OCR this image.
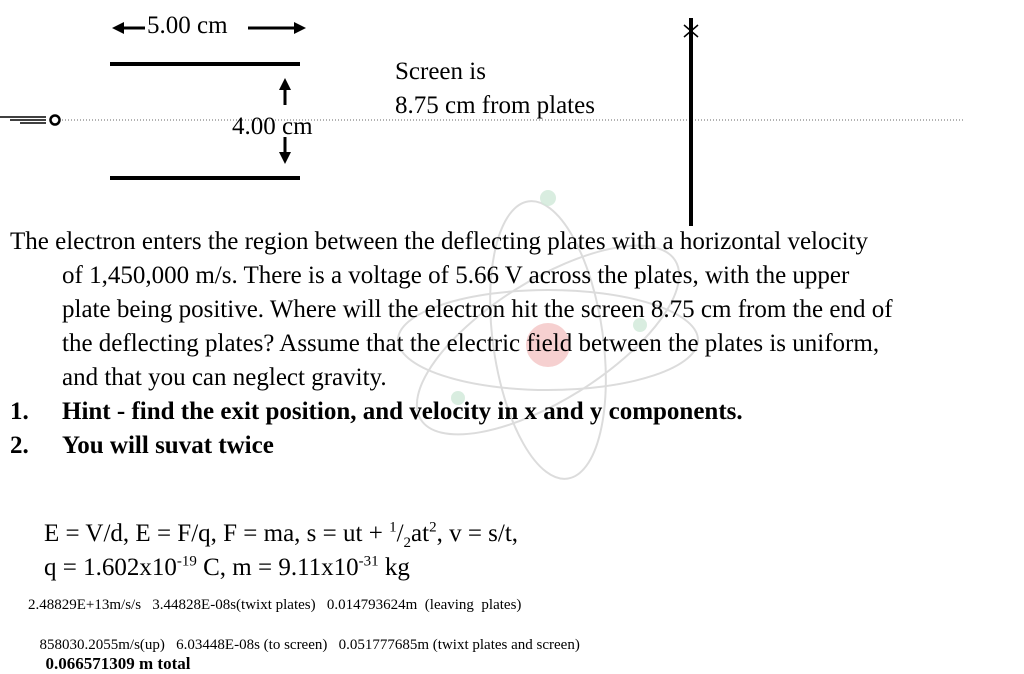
5.00 cm
4.00 cm
Screen is
8.75 cm from plates
The electron enters the region between the deflecting plates with a horizontal velocity
of 1,450,000 m/s. There is a voltage of 5.66 V across the plates, with the upper
plate being positive. Where will the electron hit the screen 8.75 cm from the end of
the deflecting plates? Assume that the electric field between the plates is uniform,
and that you can neglect gravity.
1. Hint - find the exit position, and velocity in x and y components.
2. You will suvat twice
E = V/d, E = F/q, F = ma, s = ut + $^1/_2at^2$, v = s/t,
$q = 1.602x10^{-19}$ C, $m = 9.11x10^{-31}$ kg
2.48829E+13m/s/s   3.44828E-08s(twixt plates)   0.014793624m  (leaving  plates)

858030.2055m/s(up)   6.03448E-08s (to screen)   0.051777685m (twixt plates and screen)
0.066571309 m total
